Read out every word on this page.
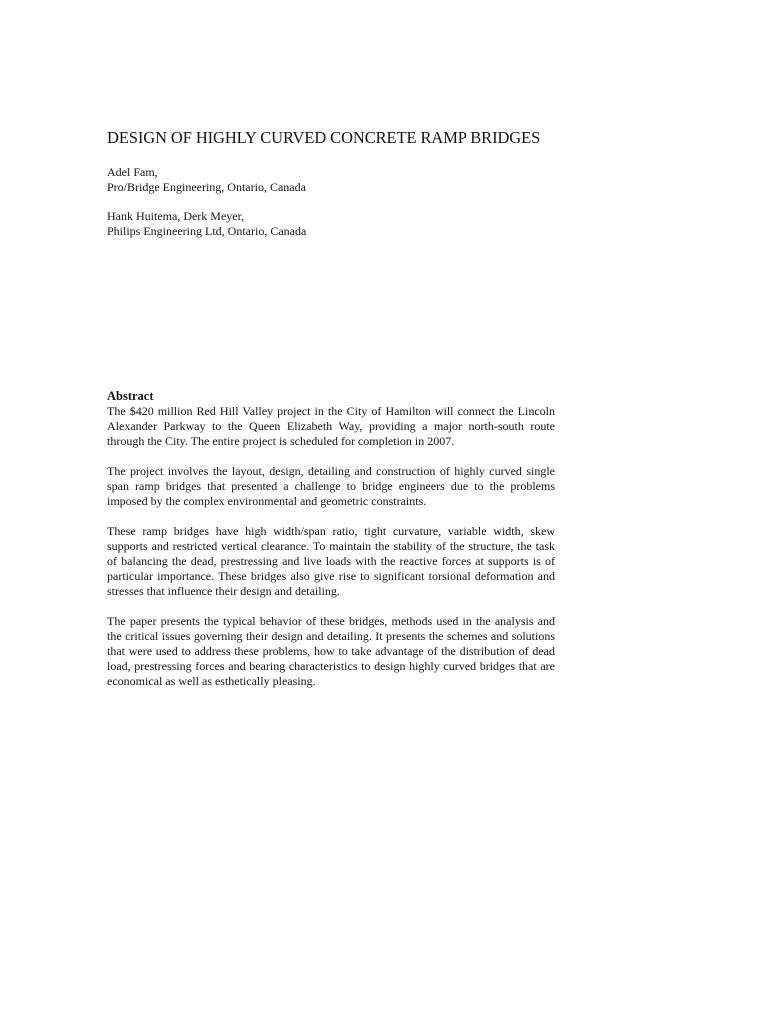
DESIGN OF HIGHLY CURVED CONCRETE RAMP BRIDGES
Adel Fam,
Pro/Bridge Engineering, Ontario, Canada
Hank Huitema, Derk Meyer,
Philips Engineering Ltd, Ontario, Canada

Abstract

The $420 million Red Hill Valley project in the City of Hamilton will connect the Lincoln Alexander Parkway to the Queen Elizabeth Way, providing a major north-south route through the City. The entire project is scheduled for completion in 2007.

The project involves the layout, design, detailing and construction of highly curved single span ramp bridges that presented a challenge to bridge engineers due to the problems imposed by the complex environmental and geometric constraints.

These ramp bridges have high width/span ratio, tight curvature, variable width, skew supports and restricted vertical clearance. To maintain the stability of the structure, the task of balancing the dead, prestressing and live loads with the reactive forces at supports is of particular importance. These bridges also give rise to significant torsional deformation and stresses that influence their design and detailing.

The paper presents the typical behavior of these bridges, methods used in the analysis and the critical issues governing their design and detailing. It presents the schemes and solutions that were used to address these problems, how to take advantage of the distribution of dead load, prestressing forces and bearing characteristics to design highly curved bridges that are economical as well as esthetically pleasing.
